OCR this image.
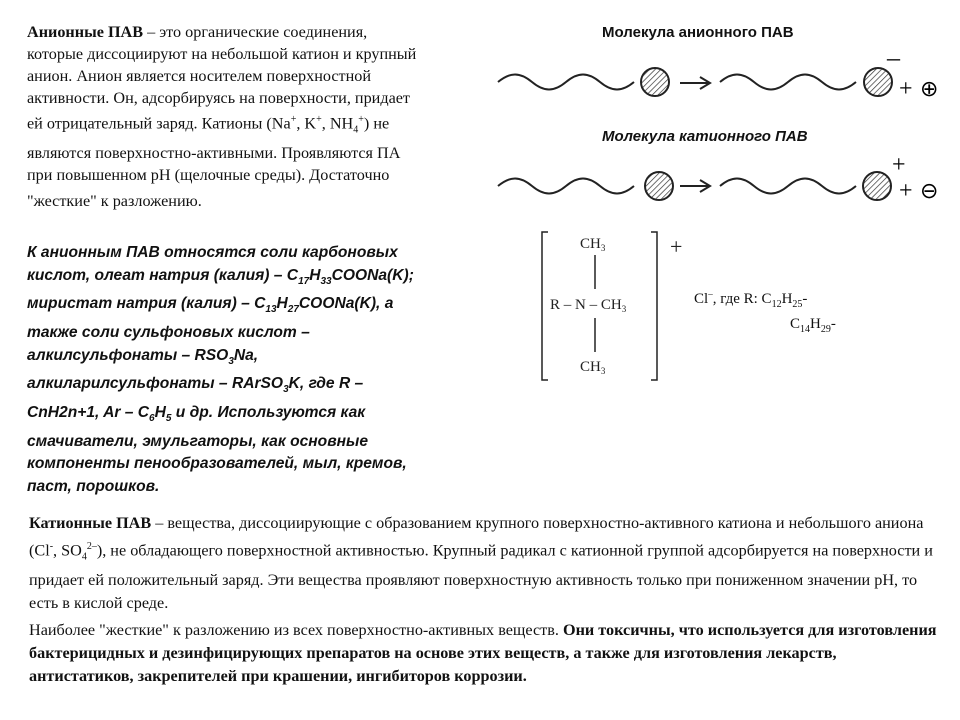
Анионные ПАВ – это органические соединения, которые диссоциируют на небольшой катион и крупный анион. Анион является носителем поверхностной активности. Он, адсорбируясь на поверхности, придает ей отрицательный заряд. Катионы (Na+, K+, $NH_4^+$) не являются поверхностно-активными. Проявляются ПА при повышенном рН (щелочные среды). Достаточно

"жесткие" к разложению.

К анионным ПАВ относятся соли карбоновых кислот, олеат натрия (калия) – $C_{17}H_{33}COONa(K)$; миристат натрия (калия) – $C_{13}H_{27}COONa(K)$, а также соли сульфоновых кислот – алкилсульфонаты – $RSO_3Na$, алкиларилсульфонаты – RArSO$_3$K, где R – CnH2n+1, Ar – $C_6H_5$ и др. Используются как смачиватели, эмульгаторы, как основные компоненты пенообразователей, мыл, кремов, паст, порошков.
Молекула анионного ПАВ
Молекула катионного ПАВ
–
+ ⊕
+
+ ⊖
$CH_3$
R – N – $CH_3$
$CH_3$
+
Cl–, где R: $C_{12}H_{25}-$
$C_{14}H_{29}-$

Катионные ПАВ – вещества, диссоциирующие с образованием крупного поверхностно-активного катиона и небольшого аниона (Cl-, $SO_4^{2-}$), не обладающего поверхностной активностью. Крупный радикал с катионной группой адсорбируется на поверхности и придает ей положительный заряд. Эти вещества проявляют поверхностную активность только при пониженном значении рН, то есть в кислой среде.

Наиболее "жесткие" к разложению из всех поверхностно-активных веществ. Они токсичны, что используется для изготовления бактерицидных и дезинфицирующих препаратов на основе этих веществ, а также для изготовления лекарств, антистатиков, закрепителей при крашении, ингибиторов коррозии.
